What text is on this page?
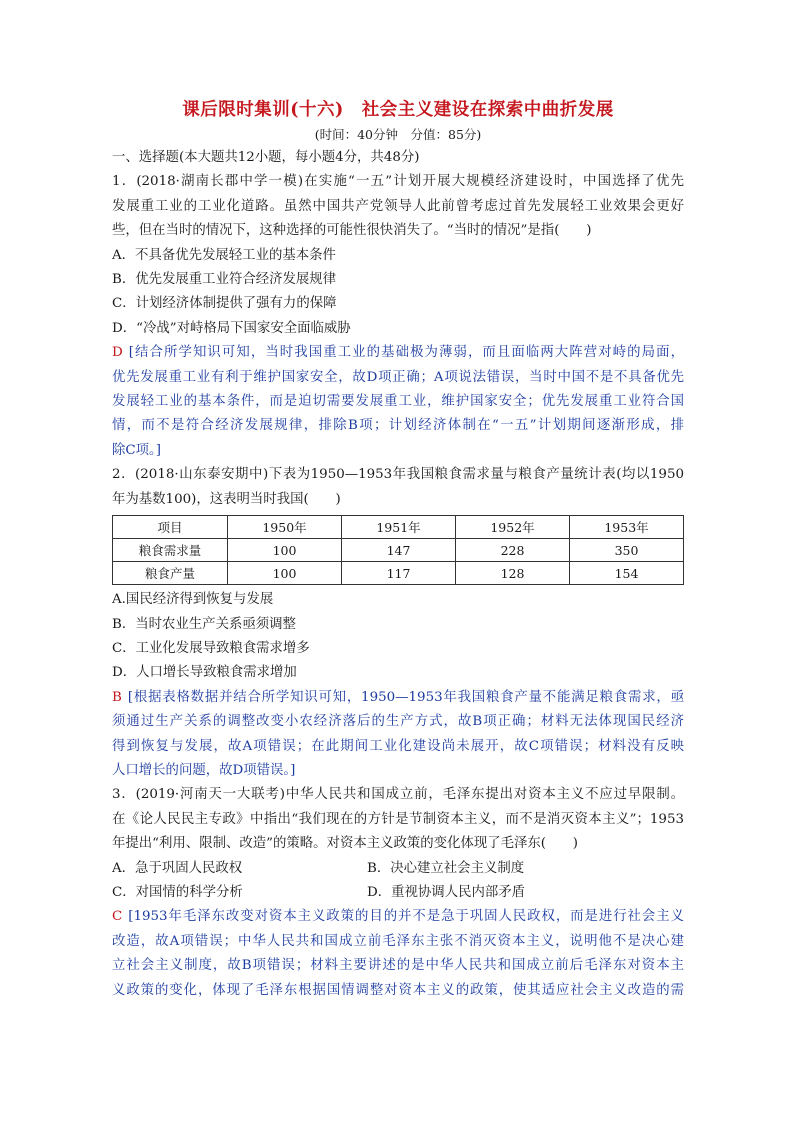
课后限时集训(十六) 社会主义建设在探索中曲折发展
(时间：40分钟　分值：85分)
一、选择题(本大题共12小题，每小题4分，共48分)
1．(2018·湖南长郡中学一模)在实施“一五”计划开展大规模经济建设时，中国选择了优先
发展重工业的工业化道路。虽然中国共产党领导人此前曾考虑过首先发展轻工业效果会更好
些，但在当时的情况下，这种选择的可能性很快消失了。“当时的情况”是指(　　)
A．不具备优先发展轻工业的基本条件
B．优先发展重工业符合经济发展规律
C．计划经济体制提供了强有力的保障
D．“冷战”对峙格局下国家安全面临威胁
D [结合所学知识可知，当时我国重工业的基础极为薄弱，而且面临两大阵营对峙的局面，
优先发展重工业有利于维护国家安全，故D项正确；A项说法错误，当时中国不是不具备优先
发展轻工业的基本条件，而是迫切需要发展重工业，维护国家安全；优先发展重工业符合国
情，而不是符合经济发展规律，排除B项；计划经济体制在“一五”计划期间逐渐形成，排
除C项。]
2．(2018·山东泰安期中)下表为1950—1953年我国粮食需求量与粮食产量统计表(均以1950
年为基数100)，这表明当时我国(　　)
项目	1950年	1951年	1952年	1953年
粮食需求量	100	147	228	350
粮食产量	100	117	128	154
A.国民经济得到恢复与发展
B．当时农业生产关系亟须调整
C．工业化发展导致粮食需求增多
D．人口增长导致粮食需求增加
B [根据表格数据并结合所学知识可知，1950—1953年我国粮食产量不能满足粮食需求，亟
须通过生产关系的调整改变小农经济落后的生产方式，故B项正确；材料无法体现国民经济
得到恢复与发展，故A项错误；在此期间工业化建设尚未展开，故C项错误；材料没有反映
人口增长的问题，故D项错误。]
3．(2019·河南天一大联考)中华人民共和国成立前，毛泽东提出对资本主义不应过早限制。
在《论人民民主专政》中指出“我们现在的方针是节制资本主义，而不是消灭资本主义”；1953
年提出“利用、限制、改造”的策略。对资本主义政策的变化体现了毛泽东(　　)
A．急于巩固人民政权	B．决心建立社会主义制度
C．对国情的科学分析	D．重视协调人民内部矛盾
C [1953年毛泽东改变对资本主义政策的目的并不是急于巩固人民政权，而是进行社会主义
改造，故A项错误；中华人民共和国成立前毛泽东主张不消灭资本主义，说明他不是决心建
立社会主义制度，故B项错误；材料主要讲述的是中华人民共和国成立前后毛泽东对资本主
义政策的变化，体现了毛泽东根据国情调整对资本主义的政策，使其适应社会主义改造的需
